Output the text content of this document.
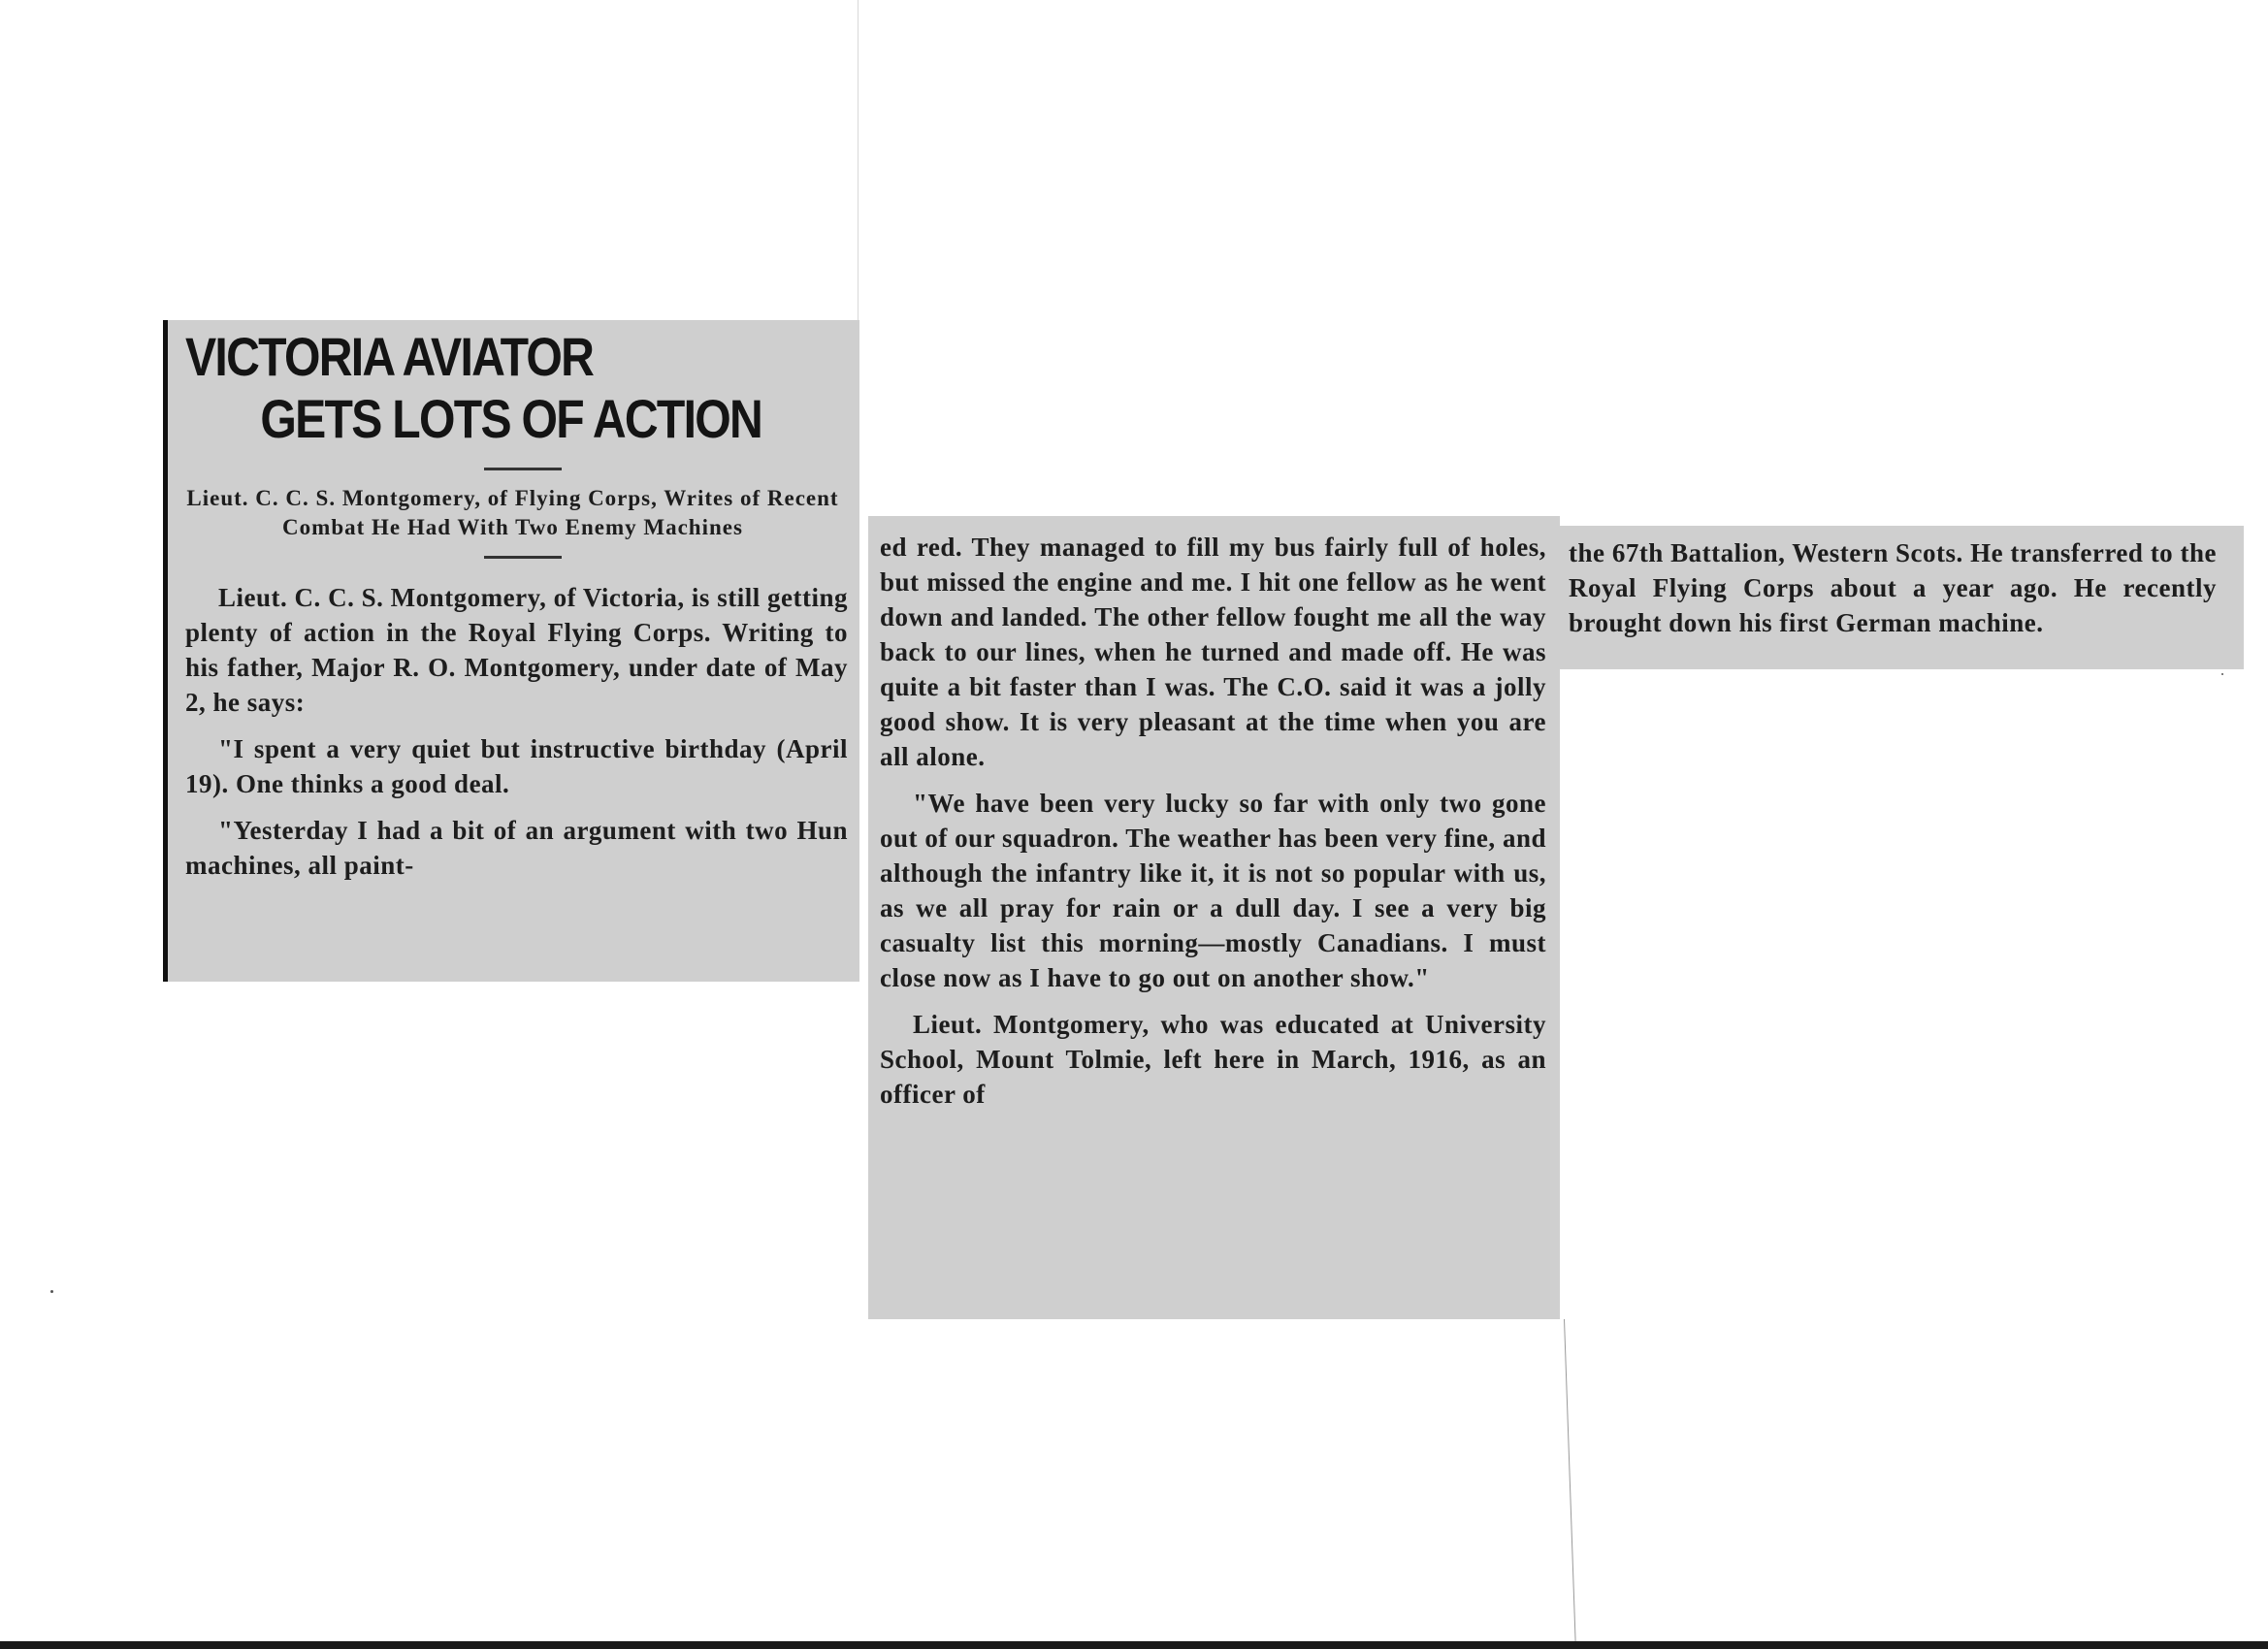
VICTORIA AVIATOR
GETS LOTS OF ACTION

Lieut. C. C. S. Montgomery, of Flying Corps, Writes of Recent Combat He Had With Two Enemy Machines

Lieut. C. C. S. Montgomery, of Victoria, is still getting plenty of action in the Royal Flying Corps. Writing to his father, Major R. O. Montgomery, under date of May 2, he says:

"I spent a very quiet but instructive birthday (April 19). One thinks a good deal.

"Yesterday I had a bit of an argument with two Hun machines, all paint-

ed red. They managed to fill my bus fairly full of holes, but missed the engine and me. I hit one fellow as he went down and landed. The other fellow fought me all the way back to our lines, when he turned and made off. He was quite a bit faster than I was. The C.O. said it was a jolly good show. It is very pleasant at the time when you are all alone.

"We have been very lucky so far with only two gone out of our squadron. The weather has been very fine, and although the infantry like it, it is not so popular with us, as we all pray for rain or a dull day. I see a very big casualty list this morning—mostly Canadians. I must close now as I have to go out on another show."

Lieut. Montgomery, who was educated at University School, Mount Tolmie, left here in March, 1916, as an officer of

the 67th Battalion, Western Scots. He transferred to the Royal Flying Corps about a year ago. He recently brought down his first German machine.
